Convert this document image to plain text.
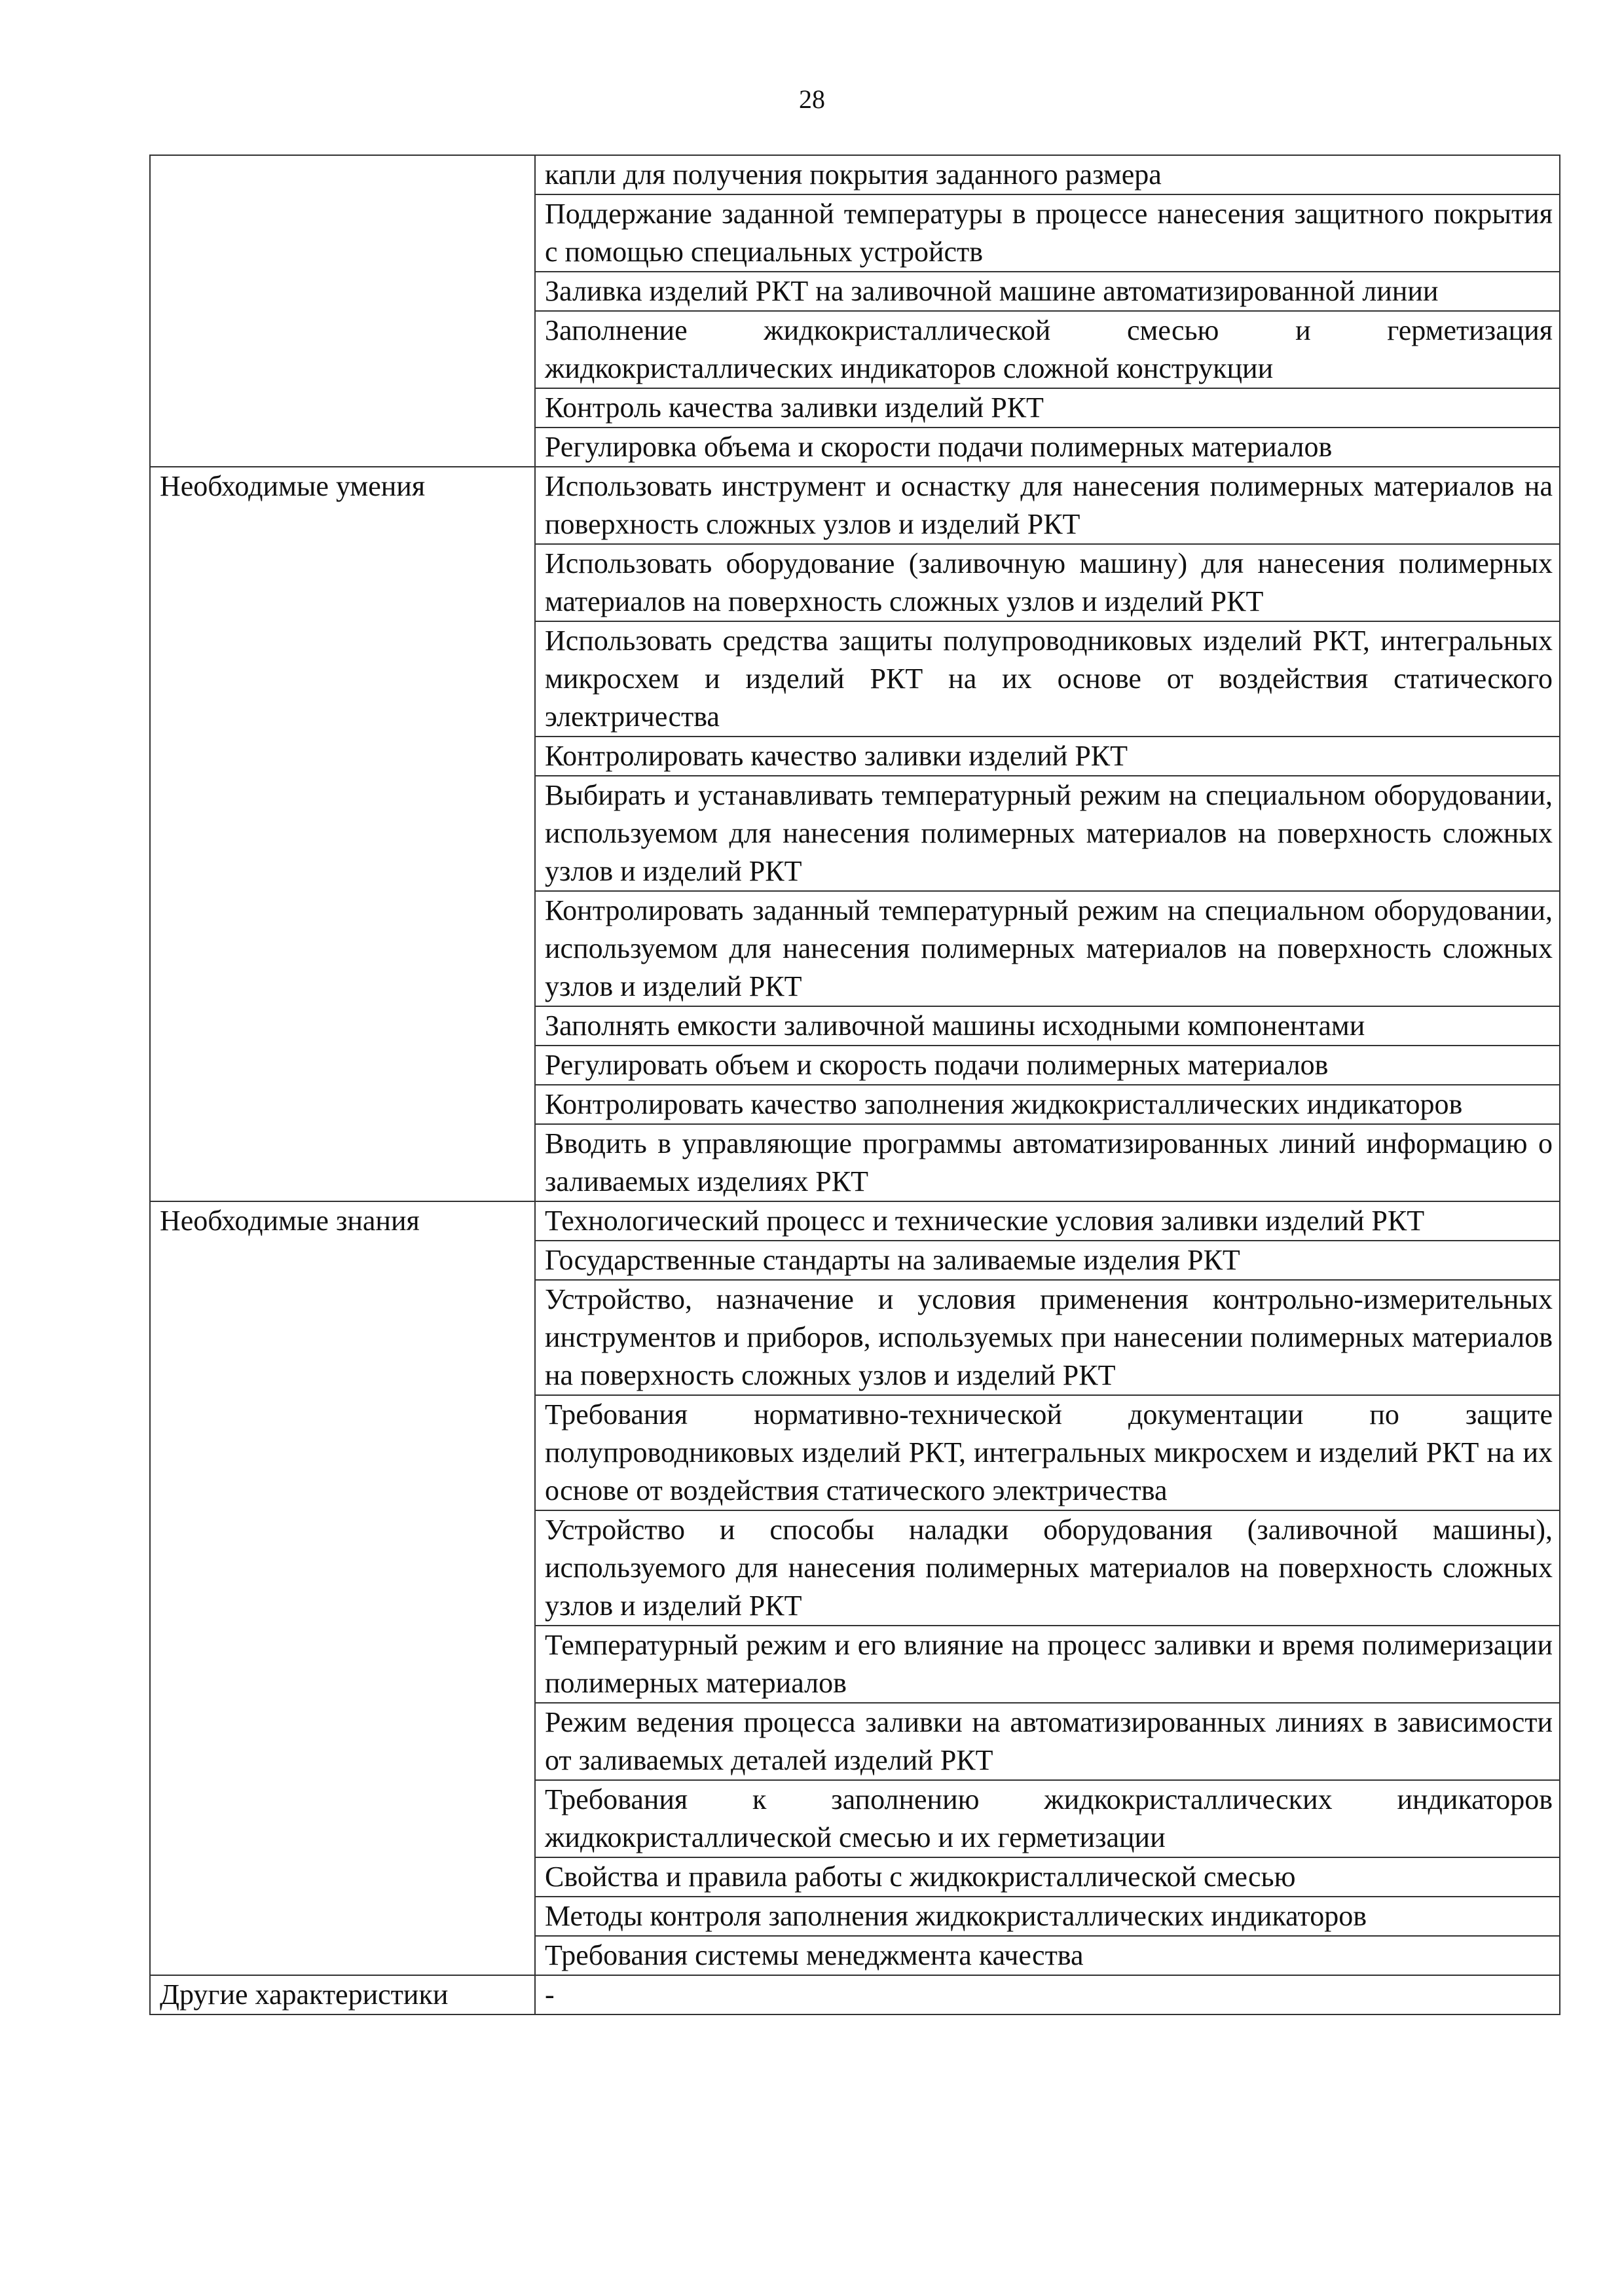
28
	капли для получения покрытия заданного размера
	Поддержание заданной температуры в процессе нанесения защитного покрытия с помощью специальных устройств
	Заливка изделий РКТ на заливочной машине автоматизированной линии
	Заполнение жидкокристаллической смесью и герметизация жидкокристаллических индикаторов сложной конструкции
	Контроль качества заливки изделий РКТ
	Регулировка объема и скорости подачи полимерных материалов
Необходимые умения	Использовать инструмент и оснастку для нанесения полимерных материалов на поверхность сложных узлов и изделий РКТ
	Использовать оборудование (заливочную машину) для нанесения полимерных материалов на поверхность сложных узлов и изделий РКТ
	Использовать средства защиты полупроводниковых изделий РКТ, интегральных микросхем и изделий РКТ на их основе от воздействия статического электричества
	Контролировать качество заливки изделий РКТ
	Выбирать и устанавливать температурный режим на специальном оборудовании, используемом для нанесения полимерных материалов на поверхность сложных узлов и изделий РКТ
	Контролировать заданный температурный режим на специальном оборудовании, используемом для нанесения полимерных материалов на поверхность сложных узлов и изделий РКТ
	Заполнять емкости заливочной машины исходными компонентами
	Регулировать объем и скорость подачи полимерных материалов
	Контролировать качество заполнения жидкокристаллических индикаторов
	Вводить в управляющие программы автоматизированных линий информацию о заливаемых изделиях РКТ
Необходимые знания	Технологический процесс и технические условия заливки изделий РКТ
	Государственные стандарты на заливаемые изделия РКТ
	Устройство, назначение и условия применения контрольно-измерительных инструментов и приборов, используемых при нанесении полимерных материалов на поверхность сложных узлов и изделий РКТ
	Требования нормативно-технической документации по защите полупроводниковых изделий РКТ, интегральных микросхем и изделий РКТ на их основе от воздействия статического электричества
	Устройство и способы наладки оборудования (заливочной машины), используемого для нанесения полимерных материалов на поверхность сложных узлов и изделий РКТ
	Температурный режим и его влияние на процесс заливки и время полимеризации полимерных материалов
	Режим ведения процесса заливки на автоматизированных линиях в зависимости от заливаемых деталей изделий РКТ
	Требования к заполнению жидкокристаллических индикаторов жидкокристаллической смесью и их герметизации
	Свойства и правила работы с жидкокристаллической смесью
	Методы контроля заполнения жидкокристаллических индикаторов
	Требования системы менеджмента качества
Другие характеристики	-
